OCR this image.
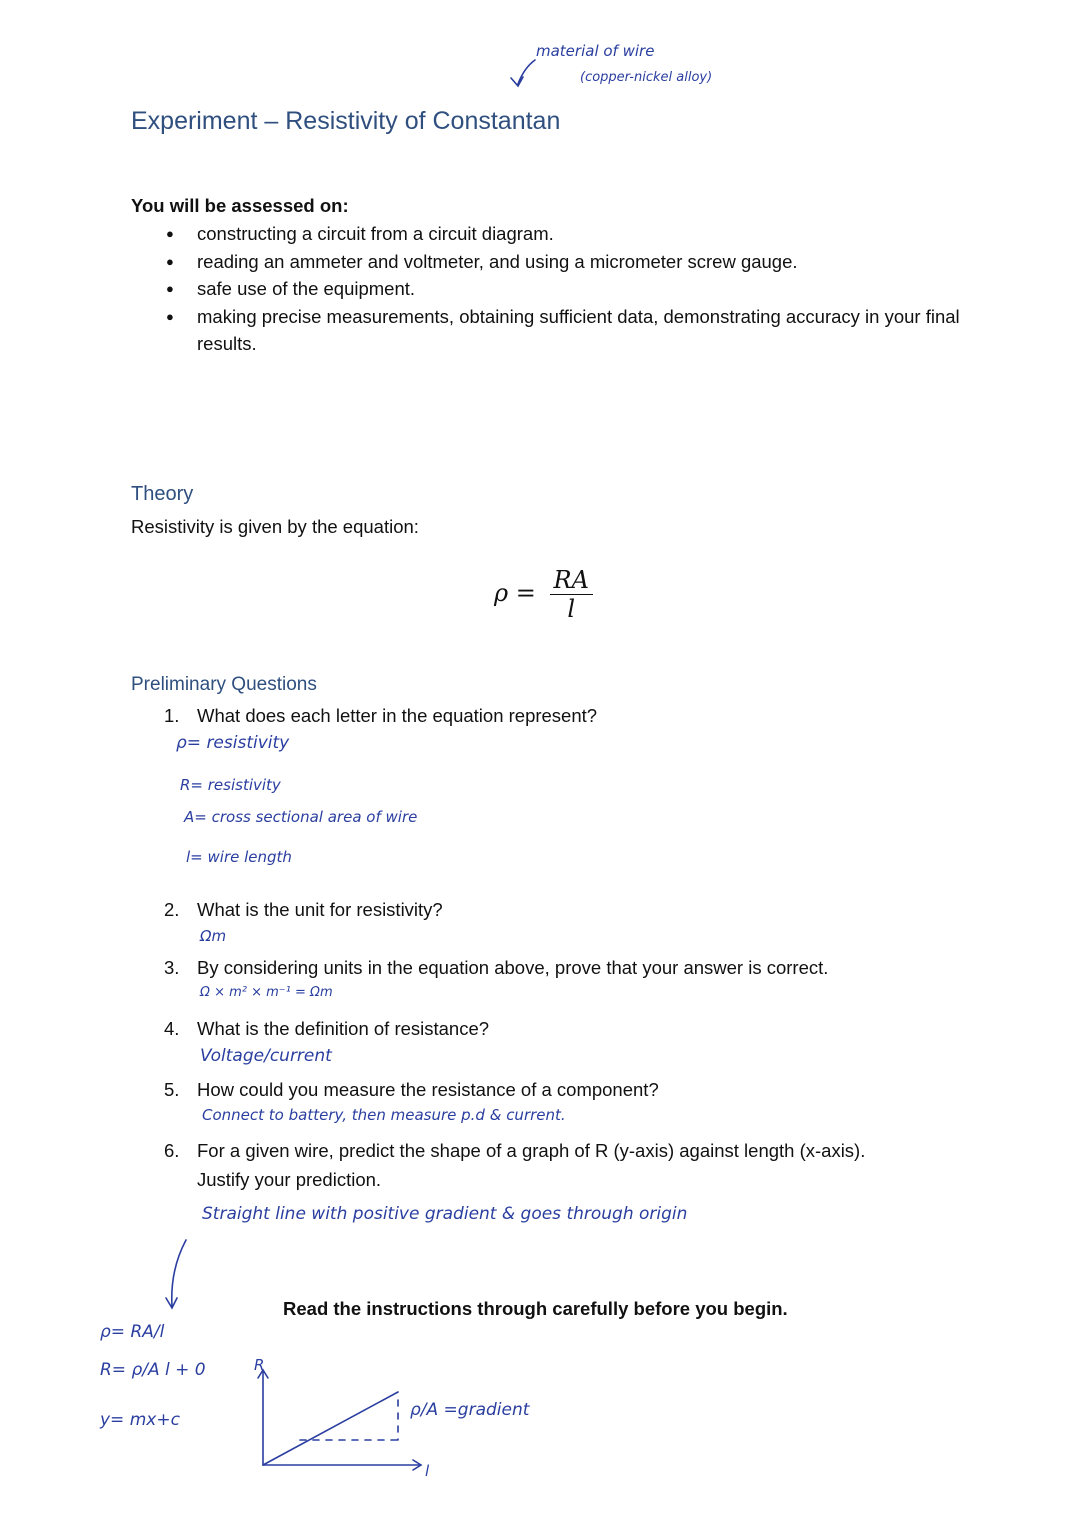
material of wire
(copper-nickel alloy)
Experiment – Resistivity of Constantan
You will be assessed on:
● constructing a circuit from a circuit diagram.
● reading an ammeter and voltmeter, and using a micrometer screw gauge.
● safe use of the equipment.
● making precise measurements, obtaining sufficient data, demonstrating accuracy in your final results.
Theory
Resistivity is given by the equation:
$\rho = \frac{RA}{l}$
Preliminary Questions
1. What does each letter in the equation represent?
ρ= resistivity
R= resistivity
A= cross sectional area of wire
l= wire length
2. What is the unit for resistivity?
Ωm
3. By considering units in the equation above, prove that your answer is correct.
Ω × m² × m⁻¹ = Ωm
4. What is the definition of resistance?
Voltage/current
5. How could you measure the resistance of a component?
Connect to battery, then measure p.d & current.
6. For a given wire, predict the shape of a graph of R (y-axis) against length (x-axis).
Justify your prediction.
Straight line with positive gradient & goes through origin
Read the instructions through carefully before you begin.
ρ= RA/l
R= ρ/A l + 0
y= mx+c
R
l
ρ/A =gradient
